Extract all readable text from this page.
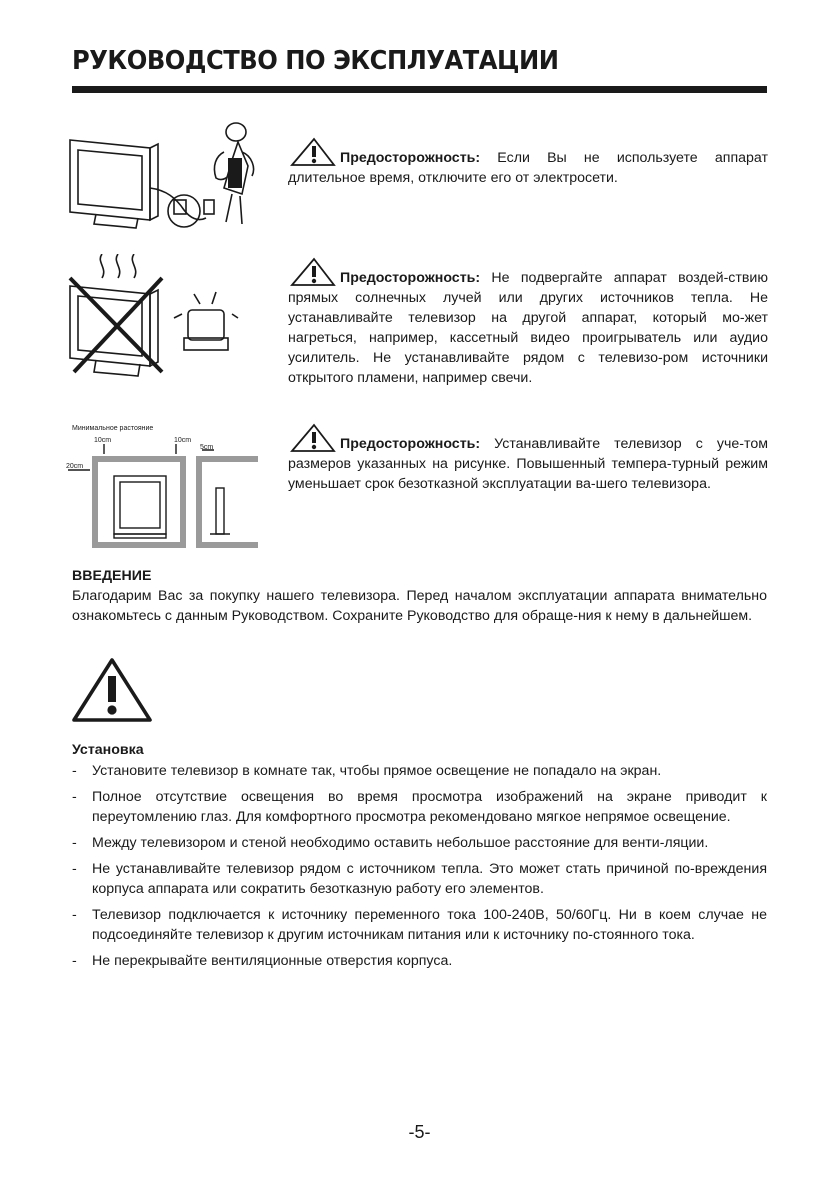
РУКОВОДСТВО ПО ЭКСПЛУАТАЦИИ
Предосторожность: Если Вы не используете аппарат длительное время, отключите его от электросети.
Предосторожность: Не подвергайте аппарат воздей-ствию прямых солнечных лучей или других источников тепла. Не устанавливайте телевизор на другой аппарат, который мо-жет нагреться, например, кассетный видео проигрыватель или аудио усилитель. Не устанавливайте рядом с телевизо-ром источники открытого пламени, например свечи.
Минимальное растояние
10cm	10cm
5cm
20cm
Предосторожность: Устанавливайте телевизор с уче-том размеров указанных на рисунке. Повышенный темпера-турный режим уменьшает срок безотказной эксплуатации ва-шего телевизора.
ВВЕДЕНИЕ
Благодарим Вас за покупку нашего телевизора. Перед началом эксплуатации аппарата внимательно ознакомьтесь с данным Руководством. Сохраните Руководство для обраще-ния к нему в дальнейшем.
Установка
- Установите телевизор в комнате так, чтобы прямое освещение не попадало на экран.
- Полное отсутствие освещения во время просмотра изображений на экране приводит к переутомлению глаз. Для комфортного просмотра рекомендовано мягкое непрямое освещение.
- Между телевизором и стеной необходимо оставить небольшое расстояние для венти-ляции.
- Не устанавливайте телевизор рядом с источником тепла. Это может стать причиной по-вреждения корпуса аппарата или сократить безотказную работу его элементов.
- Телевизор подключается к источнику переменного тока 100-240В, 50/60Гц. Ни в коем случае не подсоединяйте телевизор к другим источникам питания или к источнику по-стоянного тока.
- Не перекрывайте вентиляционные отверстия корпуса.
-5-
